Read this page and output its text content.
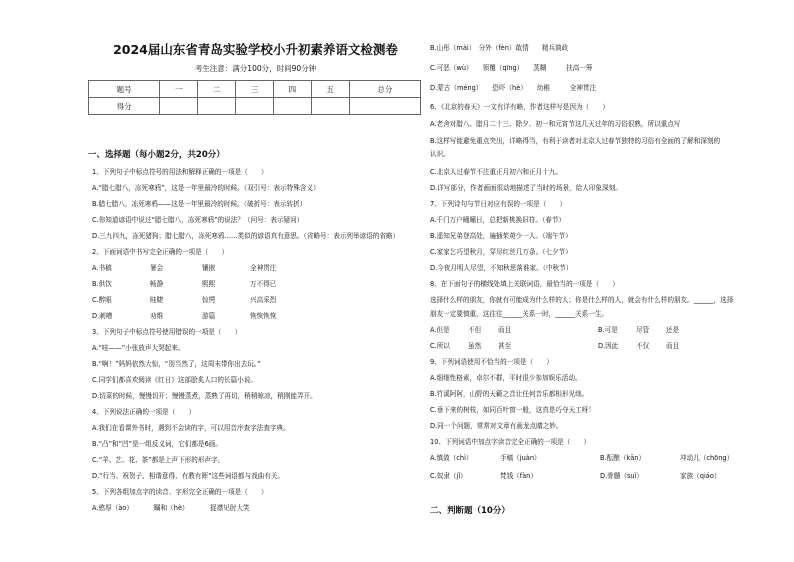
2024届山东省青岛实验学校小升初素养语文检测卷
考生注意：满分100分，时间90分钟
题号	一	二	三	四	五	总分
得分						
一、选择题（每小题2分，共20分）
1、下列句子中标点符号的用法和解释正确的一项是（　　）
A.“腊七腊八，冻死寒鸦”，这是一年里最冷的时候。（双引号：表示特殊含义）
B.腊七腊八，冻死寒鸦——这是一年里最冷的时候。（破折号：表示转折）
C.你知道谚语中说过“腊七腊八，冻死寒鸦”的说法？（问号：表示疑问）
D.三九四九，冻死猪狗；腊七腊八，冻死寒鸦……类似的谚语真有意思。（省略号：表示列举谚语的省略）
2、下面词语中书写完全正确的一项是（　　）
A.书稿	暑会	镶嵌	全神贯注
B.供饮	畅静	熙熙	万不得已
C.醉眼	眭睫	惊愕	兴高采烈
D.刺嘈	劝维	游篇	恢恢恢恢
3、下列句子中标点符号使用错误的一项是（　　）
A.“哇——”小张放声大哭起来。
B.“啊！”妈妈依然大惊，“别当然了，这周末带你出去玩。”
C.同学们都喜欢阅读《红日》这部脍炙人口的长篇小说。
D.切菜的时候，慢慢切开；慢慢蒸煮，蒸熟了再切，稍稍晾凉，稍刚能弄开。
4、下列说法正确的一项是（　　）
A.我们在看课外书时，遇到不会读的字，可以用音序查字法查字典。
B.“凸”和“凹”是一组反义词，它们都是6画。
C.“羊、艺、花、茶”都是上声下形的形声字。
D.“行当、祝贺子、相谐意得、有教有晖”这些词语都与戏曲有关。
5、下列各组加点字的读音、字形完全正确的一项是（　　）
A.憨厚（ào）	瞩和（hè）	捉襟见肘大笑
B.山彤（mài）　分外（fèn）敢情　　精兵简政
C.可恶（wù）　　领覆（qīng）　　蒸糊　　　扶高一筹
D.蒙古（méng）　　恐吓（hè）　　幼稚　　　全神贯注
6、《北京的春天》一文有详有略，作者这样写是因为（　　）
A.老舍对腊八、腊月二十三、除夕、初一和元宵节这几天过年的习俗很熟，所以重点写
B.这样写能避免重点突出，详略得当，有利于读者对北京人过春节独特的习俗有全面的了解和深刻的
认识。
C.北京人过春节不注重正月初六和正月十九。
D.详写部分，作者画面很动地描述了当时的场景，给人印象深刻。
7、下列诗句与节日对应有误的一项是（　　）
A.千门万户曈曈日，总把新桃换旧符。（春节）
B.遥知兄弟登高处，遍插茱萸少一人。（端午节）
C.家家乞巧望秋月，穿尽红丝几万条。（七夕节）
D.今夜月明人尽望，不知秋思落谁家。（中秋节）
8、在下面句子的横线处填上关联词语，最恰当的一项是（　　）
选择什么样的朋友，你就有可能成为什么样的人；你是什么样的人，就会有什么样的朋友。______，选择
朋友一定要慎重，这往往______关系一时，______关系一生。
A.但是	不但	而且	B.可是	尽管	还是
C.所以	虽然	甚至	D.因此	不仅	而且
9、下列词语使用不恰当的一项是（　　）
A.细细性格素，卓尔不群，平时很少参加娱乐活动。
B.竹溪阿阿，山野的天籁之音让任何音乐都相形见绌。
C.垂下来的树枝，如同百叶窗一般，这真是巧夺天工呀！
D.同一个问题，常常对文章有画龙点睛之妙。
10、下列词语中加点字读音完全正确的一项是（　　）
A.慎敛（chì）	手稿（juàn）	B.酝酿（kān）	冲动儿（chōng）
C.奴隶（jǐ）	梵钱（fàn）	D.骨髓（suǐ）	家族（qiáo）
二、判断题（10分）
